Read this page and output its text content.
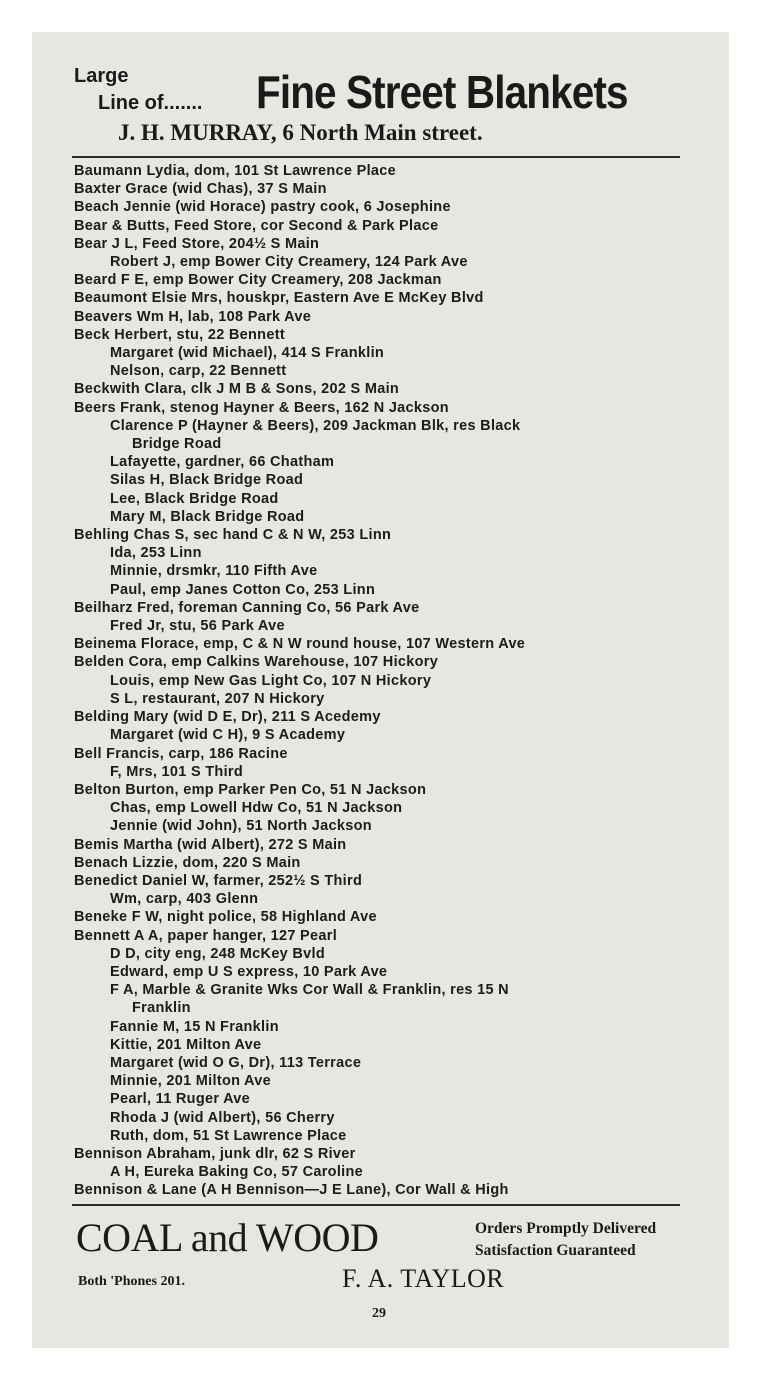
Large
Line of....... Fine Street Blankets
J. H. MURRAY, 6 North Main street.
Baumann Lydia, dom, 101 St Lawrence Place
Baxter Grace (wid Chas), 37 S Main
Beach Jennie (wid Horace) pastry cook, 6 Josephine
Bear & Butts, Feed Store, cor Second & Park Place
Bear J L, Feed Store, 204½ S Main
Robert J, emp Bower City Creamery, 124 Park Ave
Beard F E, emp Bower City Creamery, 208 Jackman
Beaumont Elsie Mrs, houskpr, Eastern Ave E McKey Blvd
Beavers Wm H, lab, 108 Park Ave
Beck Herbert, stu, 22 Bennett
Margaret (wid Michael), 414 S Franklin
Nelson, carp, 22 Bennett
Beckwith Clara, clk J M B & Sons, 202 S Main
Beers Frank, stenog Hayner & Beers, 162 N Jackson
Clarence P (Hayner & Beers), 209 Jackman Blk, res Black
Bridge Road
Lafayette, gardner, 66 Chatham
Silas H, Black Bridge Road
Lee, Black Bridge Road
Mary M, Black Bridge Road
Behling Chas S, sec hand C & N W, 253 Linn
Ida, 253 Linn
Minnie, drsmkr, 110 Fifth Ave
Paul, emp Janes Cotton Co, 253 Linn
Beilharz Fred, foreman Canning Co, 56 Park Ave
Fred Jr, stu, 56 Park Ave
Beinema Florace, emp, C & N W round house, 107 Western Ave
Belden Cora, emp Calkins Warehouse, 107 Hickory
Louis, emp New Gas Light Co, 107 N Hickory
S L, restaurant, 207 N Hickory
Belding Mary (wid D E, Dr), 211 S Acedemy
Margaret (wid C H), 9 S Academy
Bell Francis, carp, 186 Racine
F, Mrs, 101 S Third
Belton Burton, emp Parker Pen Co, 51 N Jackson
Chas, emp Lowell Hdw Co, 51 N Jackson
Jennie (wid John), 51 North Jackson
Bemis Martha (wid Albert), 272 S Main
Benach Lizzie, dom, 220 S Main
Benedict Daniel W, farmer, 252½ S Third
Wm, carp, 403 Glenn
Beneke F W, night police, 58 Highland Ave
Bennett A A, paper hanger, 127 Pearl
D D, city eng, 248 McKey Bvld
Edward, emp U S express, 10 Park Ave
F A, Marble & Granite Wks Cor Wall & Franklin, res 15 N
Franklin
Fannie M, 15 N Franklin
Kittie, 201 Milton Ave
Margaret (wid O G, Dr), 113 Terrace
Minnie, 201 Milton Ave
Pearl, 11 Ruger Ave
Rhoda J (wid Albert), 56 Cherry
Ruth, dom, 51 St Lawrence Place
Bennison Abraham, junk dlr, 62 S River
A H, Eureka Baking Co, 57 Caroline
Bennison & Lane (A H Bennison—J E Lane), Cor Wall & High
COAL and WOOD	Orders Promptly Delivered
Satisfaction Guaranteed
Both 'Phones 201.	F. A. TAYLOR
29
